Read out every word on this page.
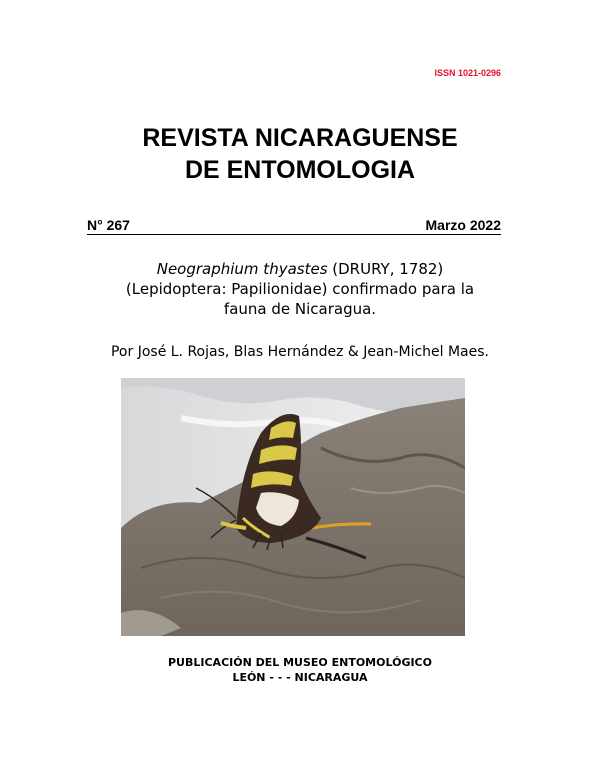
ISSN 1021-0296
REVISTA NICARAGUENSE
DE ENTOMOLOGIA
N° 267	Marzo 2022
Neographium thyastes (DRURY, 1782)
(Lepidoptera: Papilionidae) confirmado para la
fauna de Nicaragua.
Por José L. Rojas, Blas Hernández & Jean-Michel Maes.
PUBLICACIÓN DEL MUSEO ENTOMOLÓGICO
LEÓN - - - NICARAGUA
